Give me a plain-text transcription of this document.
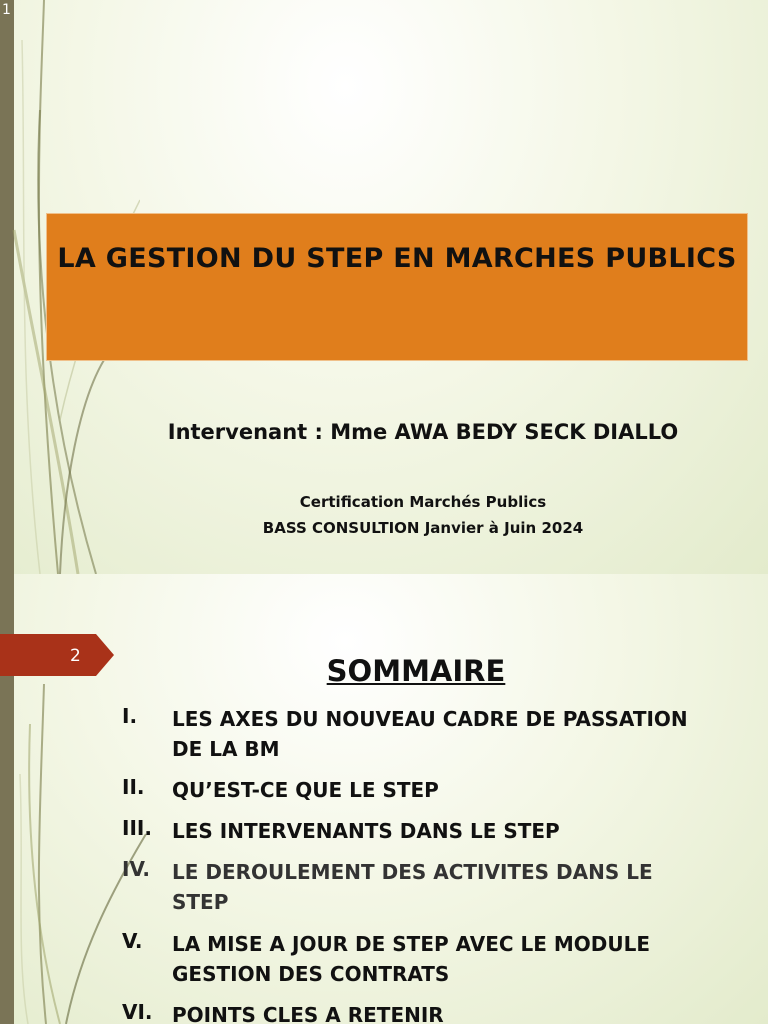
1
LA GESTION DU STEP EN MARCHES PUBLICS
Intervenant : Mme AWA BEDY SECK DIALLO
Certification Marchés Publics
BASS CONSULTION Janvier à Juin 2024
2	SOMMAIRE
I. LES AXES DU NOUVEAU CADRE DE PASSATION DE LA BM
II. QU’EST-CE QUE LE STEP
III. LES INTERVENANTS DANS LE STEP
IV. LE DEROULEMENT DES ACTIVITES DANS LE STEP
V. LA MISE A JOUR DE STEP AVEC LE MODULE GESTION DES CONTRATS
VI. POINTS CLES A RETENIR
